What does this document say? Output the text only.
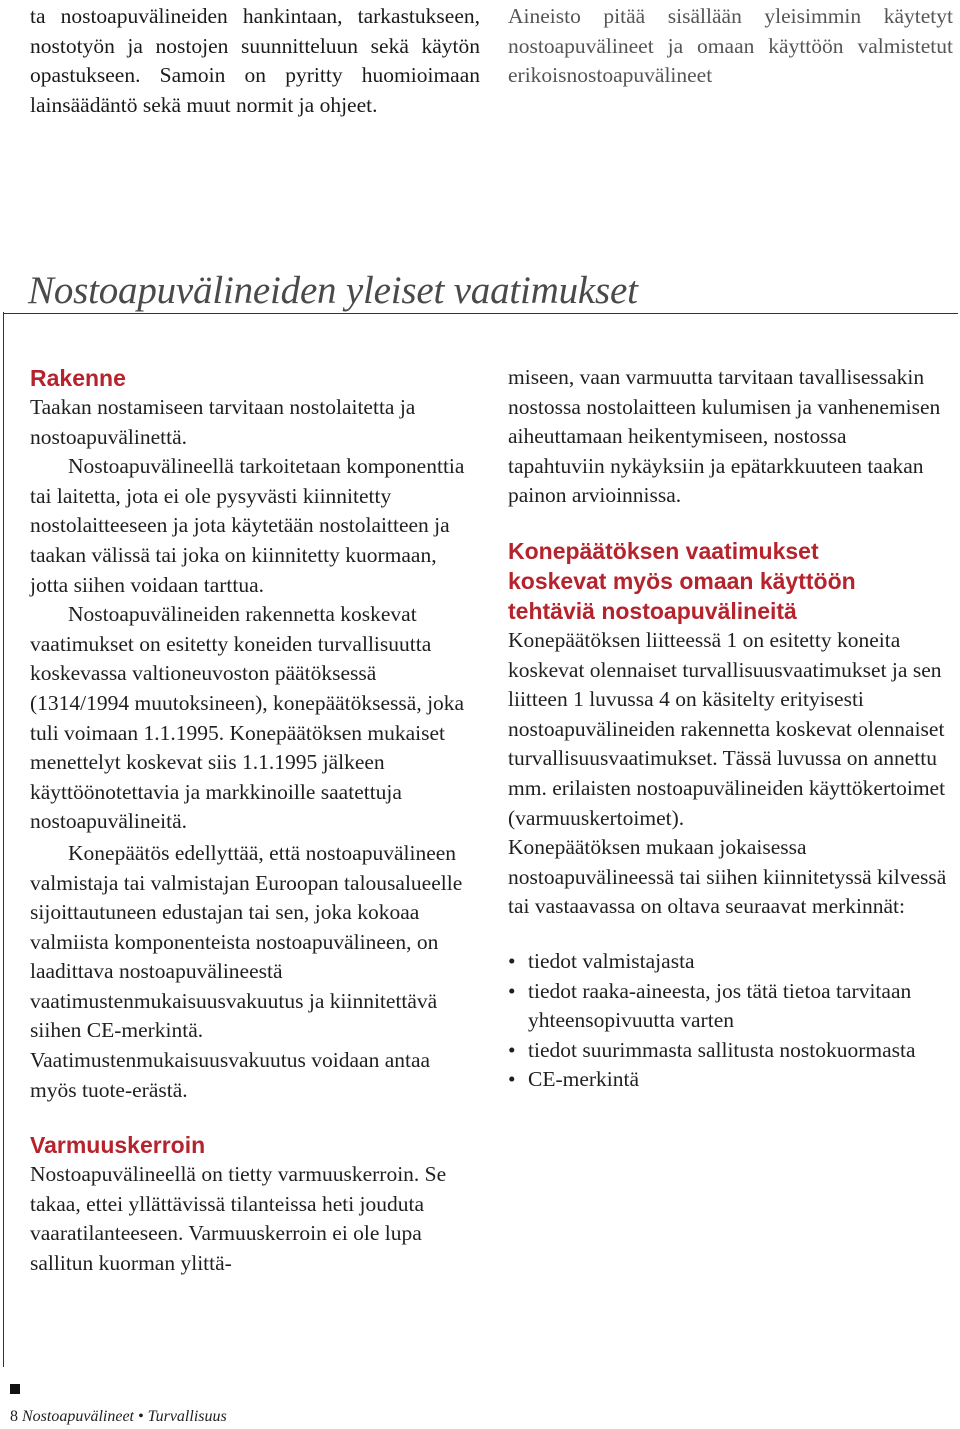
ta nostoapuvälineiden hankintaan, tarkastukseen, nostotyön ja nostojen suunnitteluun sekä käytön opastukseen. Samoin on pyritty huomioimaan lainsäädäntö sekä muut normit ja ohjeet.
Aineisto pitää sisällään yleisimmin käytetyt nostoapuvälineet ja omaan käyttöön valmistetut erikoisnostoapuvälineet
Nostoapuvälineiden yleiset vaatimukset
Rakenne

Taakan nostamiseen tarvitaan nostolaitetta ja nostoapuvälinettä.

Nostoapuvälineellä tarkoitetaan komponenttia tai laitetta, jota ei ole pysyvästi kiinnitetty nostolaitteeseen ja jota käytetään nostolaitteen ja taakan välissä tai joka on kiinnitetty kuormaan, jotta siihen voidaan tarttua.

Nostoapuvälineiden rakennetta koskevat vaatimukset on esitetty koneiden turvallisuutta koskevassa valtioneuvoston päätöksessä (1314/1994 muutoksineen), konepäätöksessä, joka tuli voimaan 1.1.1995. Konepäätöksen mukaiset menettelyt koskevat siis 1.1.1995 jälkeen käyttöönotettavia ja markkinoille saatettuja nostoapuvälineitä.

Konepäätös edellyttää, että nostoapuvälineen valmistaja tai valmistajan Euroopan talousalueelle sijoittautuneen edustajan tai sen, joka kokoaa valmiista komponenteista nostoapuvälineen, on laadittava nostoapuvälineestä vaatimustenmukaisuusvakuutus ja kiinnitettävä siihen CE-merkintä. Vaatimustenmukaisuusvakuutus voidaan antaa myös tuote-erästä.

Varmuuskerroin

Nostoapuvälineellä on tietty varmuuskerroin. Se takaa, ettei yllättävissä tilanteissa heti jouduta vaaratilanteeseen. Varmuuskerroin ei ole lupa sallitun kuorman ylittä-

miseen, vaan varmuutta tarvitaan tavallisessakin nostossa nostolaitteen kulumisen ja vanhenemisen aiheuttamaan heikentymiseen, nostossa tapahtuviin nykäyksiin ja epätarkkuuteen taakan painon arvioinnissa.

Konepäätöksen vaatimukset
koskevat myös omaan käyttöön
tehtäviä nostoapuvälineitä

Konepäätöksen liitteessä 1 on esitetty koneita koskevat olennaiset turvallisuusvaatimukset ja sen liitteen 1 luvussa 4 on käsitelty erityisesti nostoapuvälineiden rakennetta koskevat olennaiset turvallisuusvaatimukset. Tässä luvussa on annettu mm. erilaisten nostoapuvälineiden käyttökertoimet (varmuuskertoimet).

Konepäätöksen mukaan jokaisessa nostoapuvälineessä tai siihen kiinnitetyssä kilvessä tai vastaavassa on oltava seuraavat merkinnät:

• tiedot valmistajasta
• tiedot raaka-aineesta, jos tätä tietoa tarvitaan yhteensopivuutta varten
• tiedot suurimmasta sallitusta nostokuormasta
• CE-merkintä
8 Nostoapuvälineet • Turvallisuus
